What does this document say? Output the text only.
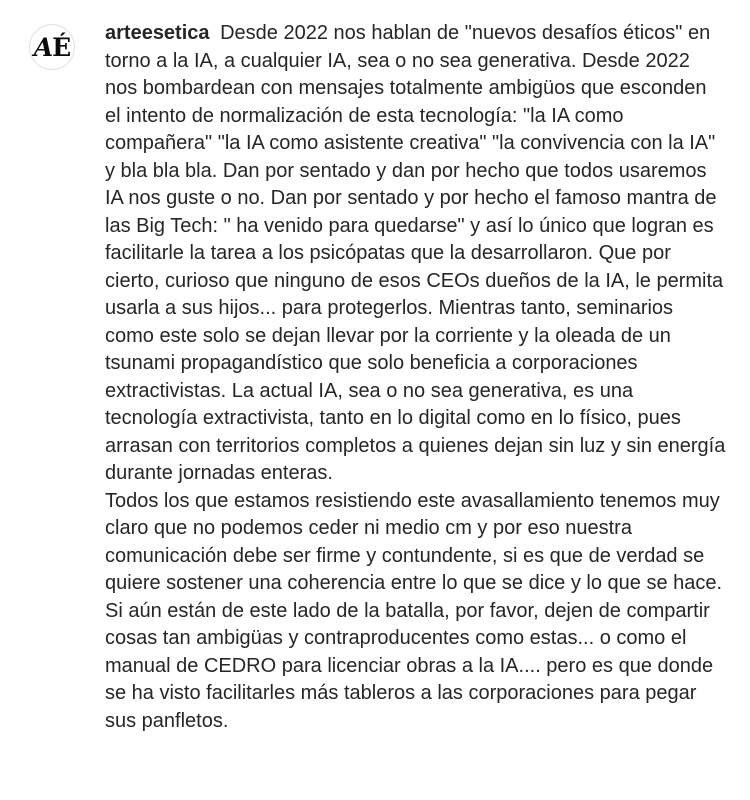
AÉ arteesetica Desde 2022 nos hablan de "nuevos desafíos éticos" en torno a la IA, a cualquier IA, sea o no sea generativa. Desde 2022 nos bombardean con mensajes totalmente ambigüos que esconden el intento de normalización de esta tecnología: "la IA como compañera" "la IA como asistente creativa" "la convivencia con la IA" y bla bla bla. Dan por sentado y dan por hecho que todos usaremos IA nos guste o no. Dan por sentado y por hecho el famoso mantra de las Big Tech: " ha venido para quedarse" y así lo único que logran es facilitarle la tarea a los psicópatas que la desarrollaron. Que por cierto, curioso que ninguno de esos CEOs dueños de la IA, le permita usarla a sus hijos... para protegerlos. Mientras tanto, seminarios como este solo se dejan llevar por la corriente y la oleada de un tsunami propagandístico que solo beneficia a corporaciones extractivistas. La actual IA, sea o no sea generativa, es una tecnología extractivista, tanto en lo digital como en lo físico, pues arrasan con territorios completos a quienes dejan sin luz y sin energía durante jornadas enteras.

Todos los que estamos resistiendo este avasallamiento tenemos muy claro que no podemos ceder ni medio cm y por eso nuestra comunicación debe ser firme y contundente, si es que de verdad se quiere sostener una coherencia entre lo que se dice y lo que se hace. Si aún están de este lado de la batalla, por favor, dejen de compartir cosas tan ambigüas y contraproducentes como estas... o como el manual de CEDRO para licenciar obras a la IA.... pero es que donde se ha visto facilitarles más tableros a las corporaciones para pegar sus panfletos.
